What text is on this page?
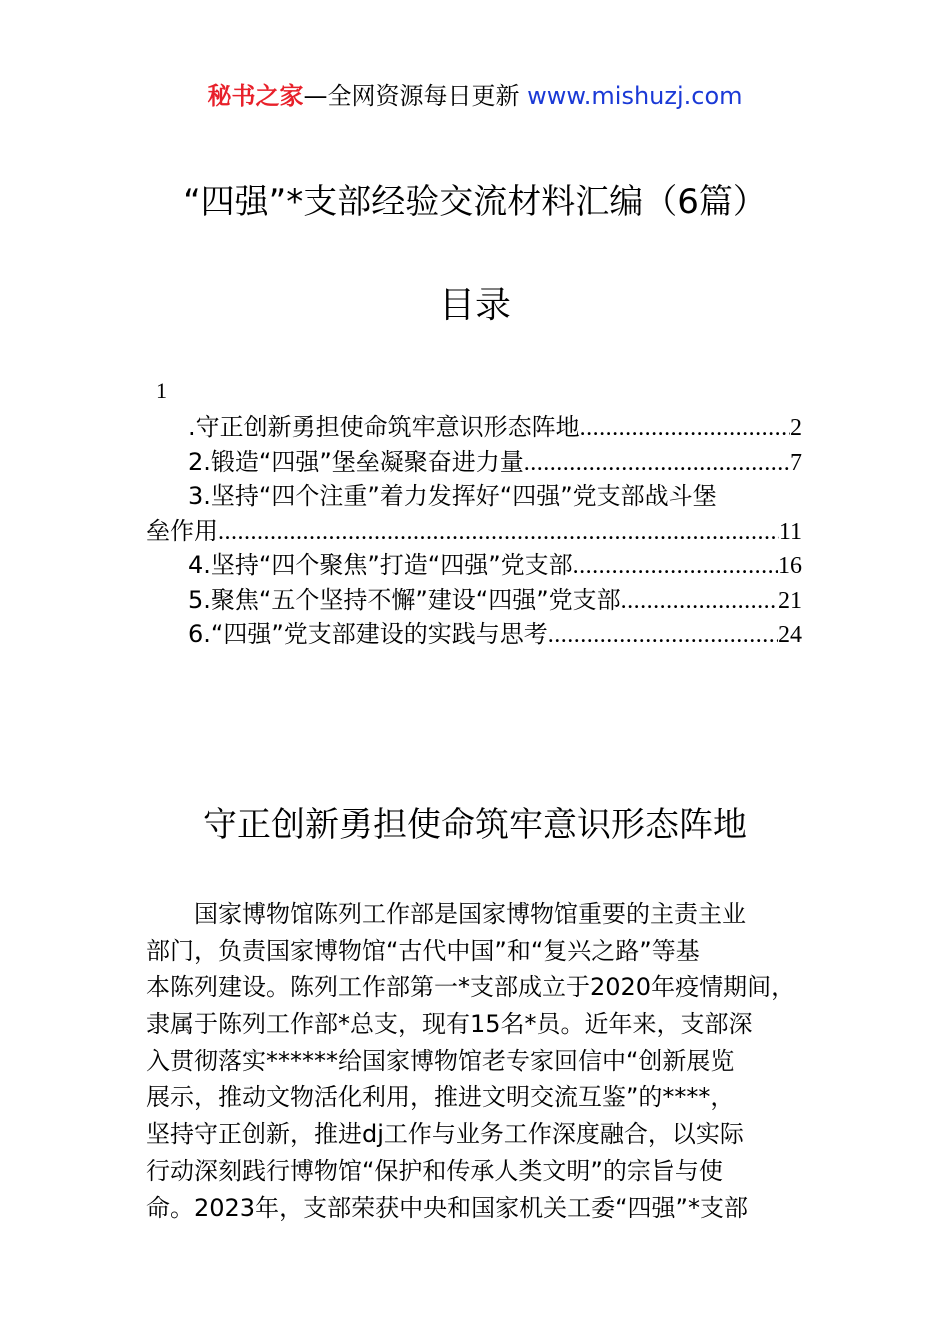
秘书之家—全网资源每日更新 www.mishuzj.com
“四强”*支部经验交流材料汇编（6篇）
目录
1
.守正创新勇担使命筑牢意识形态阵地 .....	2
2.锻造“四强”堡垒凝聚奋进力量 .....	7
3.坚持“四个注重”着力发挥好“四强”党支部战斗堡
垒作用 .....	11
4.坚持“四个聚焦”打造“四强”党支部 .....	16
5.聚焦“五个坚持不懈”建设“四强”党支部 .....	21
6.“四强”党支部建设的实践与思考 .....	24
守正创新勇担使命筑牢意识形态阵地
国家博物馆陈列工作部是国家博物馆重要的主责主业
部门，负责国家博物馆“古代中国”和“复兴之路”等基
本陈列建设。陈列工作部第一*支部成立于2020年疫情期间，
隶属于陈列工作部*总支，现有15名*员。近年来，支部深
入贯彻落实******给国家博物馆老专家回信中“创新展览
展示，推动文物活化利用，推进文明交流互鉴”的****，
坚持守正创新，推进dj工作与业务工作深度融合，以实际
行动深刻践行博物馆“保护和传承人类文明”的宗旨与使
命。2023年，支部荣获中央和国家机关工委“四强”*支部
